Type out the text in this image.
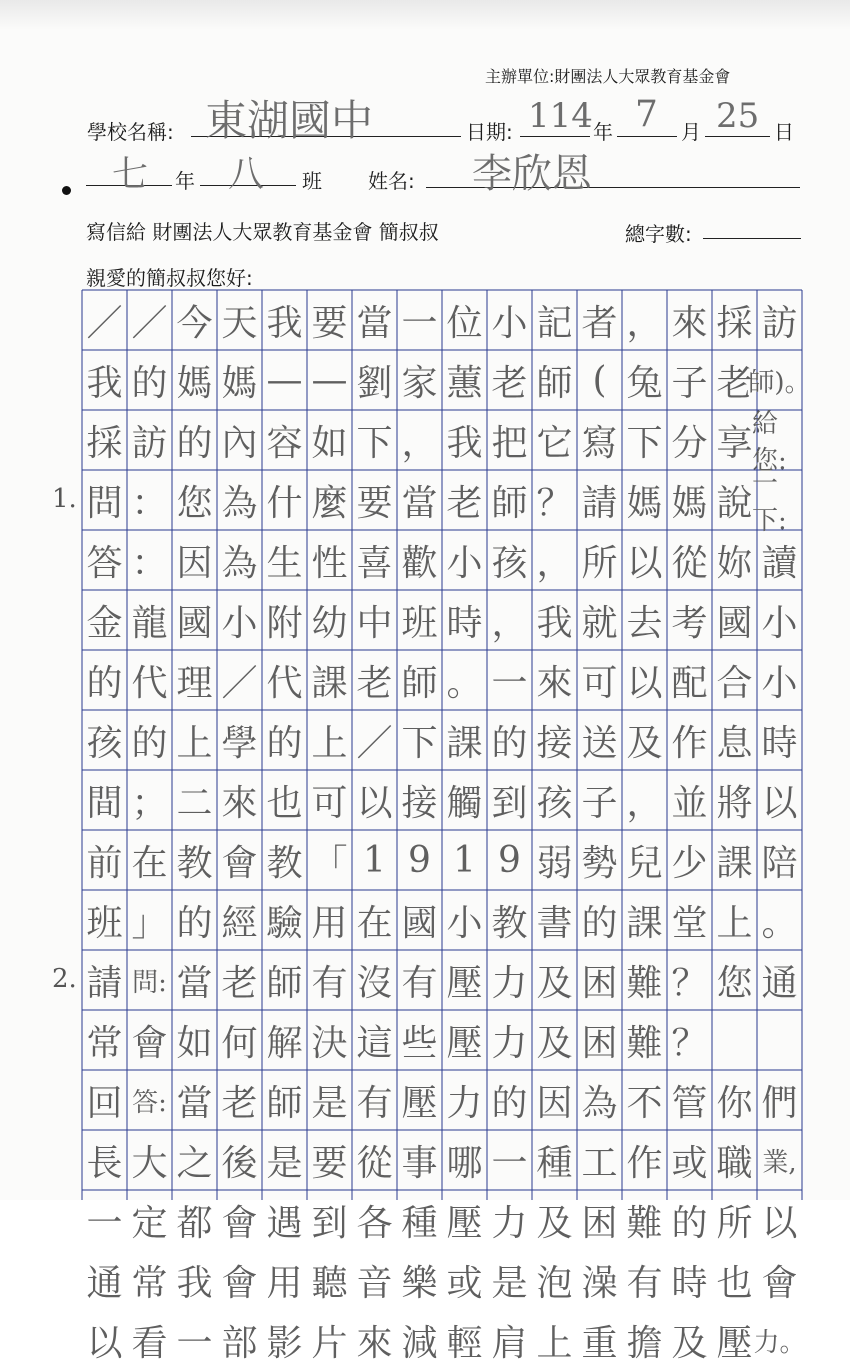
主辦單位:財團法人大眾教育基金會
學校名稱: 東湖國中	日期: 114 年 7 月 25 日
七 年 八 班 姓名: 李欣恩
寫信給 財團法人大眾教育基金會 簡叔叔	總字數:
親愛的簡叔叔您好:
／ ／ 今 天 我 要 當 一 位 小 記 者 ， 來 採 訪
我 的 媽 媽 — — 劉 家 蕙 老 師 ( 兔 子 老
師)。
採 訪 的 內 容 如 下 ， 我 把 它 寫 下 分 享 給您:
問 ： 您 為 什 麼 要 當 老 師 ？ 請 媽 媽 說 一下:
答 ： 因 為 生 性 喜 歡 小 孩 ， 所 以 從 妳 讀
金 龍 國 小 附 幼 中 班 時 ， 我 就 去 考 國 小
的 代 理 ／ 代 課 老 師 。 一 來 可 以 配 合 小
孩 的 上 學 的 上 ／ 下 課 的 接 送 及 作 息 時
間 ； 二 來 也 可 以 接 觸 到 孩 子 ， 並 將 以
前 在 教 會 教 「 1 9 1 9 弱 勢 兒 少 課 陪
班 」 的 經 驗 用 在 國 小 教 書 的 課 堂 上 。
請 問: 當 老 師 有 沒 有 壓 力 及 困 難 ？ 您 通
常 會 如 何 解 決 這 些 壓 力 及 困 難 ？
回 答: 當 老 師 是 有 壓 力 的 因 為 不 管 你 們
長 大 之 後 是 要 從 事 哪 一 種 工 作 或 職 業,
一 定 都 會 遇 到 各 種 壓 力 及 困 難 的 所 以
通 常 我 會 用 聽 音 樂 或 是 泡 澡 有 時 也 會
以 看 一 部 影 片 來 減 輕 肩 上 重 擔 及 壓 力。
1.
2.
